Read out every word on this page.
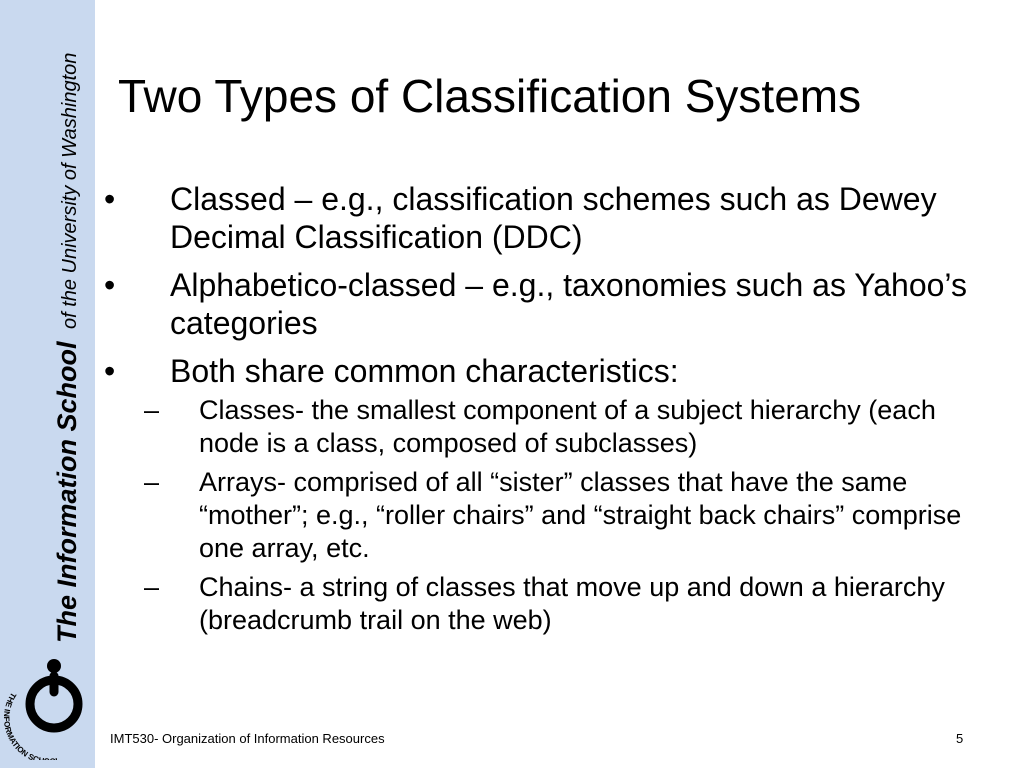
The Information School of the University of Washington
THE RMATION SC
Two Types of Classification Systems
• Classed – e.g., classification schemes such as Dewey Decimal Classification (DDC)
• Alphabetico-classed – e.g., taxonomies such as Yahoo’s categories
• Both share common characteristics:
– Classes- the smallest component of a subject hierarchy (each node is a class, composed of subclasses)
– Arrays- comprised of all “sister” classes that have the same “mother”; e.g., “roller chairs” and “straight back chairs” comprise one array, etc.
– Chains- a string of classes that move up and down a hierarchy (breadcrumb trail on the web)
IMT530- Organization of Information Resources	5
